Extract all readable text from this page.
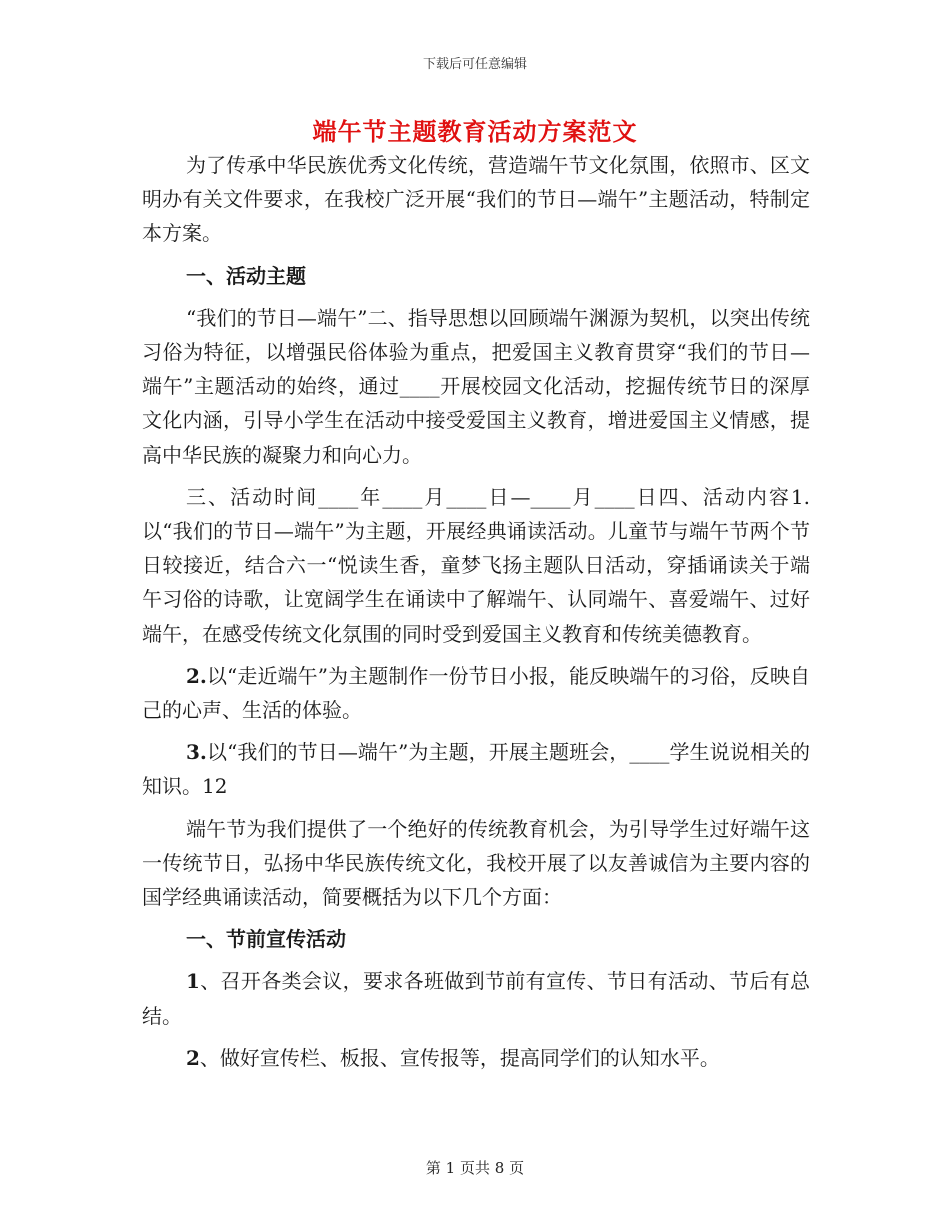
下载后可任意编辑
端午节主题教育活动方案范文

为了传承中华民族优秀文化传统，营造端午节文化氛围，依照市、区文明办有关文件要求，在我校广泛开展“我们的节日—端午”主题活动，特制定本方案。

一、活动主题

“我们的节日—端午”二、指导思想以回顾端午渊源为契机，以突出传统习俗为特征，以增强民俗体验为重点，把爱国主义教育贯穿“我们的节日—端午”主题活动的始终，通过____开展校园文化活动，挖掘传统节日的深厚文化内涵，引导小学生在活动中接受爱国主义教育，增进爱国主义情感，提高中华民族的凝聚力和向心力。

三、活动时间____年____月____日—____月____日四、活动内容1.以“我们的节日—端午”为主题，开展经典诵读活动。儿童节与端午节两个节日较接近，结合六一“悦读生香，童梦飞扬主题队日活动，穿插诵读关于端午习俗的诗歌，让宽阔学生在诵读中了解端午、认同端午、喜爱端午、过好端午，在感受传统文化氛围的同时受到爱国主义教育和传统美德教育。

2.以“走近端午”为主题制作一份节日小报，能反映端午的习俗，反映自己的心声、生活的体验。

3.以“我们的节日—端午”为主题，开展主题班会，____学生说说相关的知识。12

端午节为我们提供了一个绝好的传统教育机会，为引导学生过好端午这一传统节日，弘扬中华民族传统文化，我校开展了以友善诚信为主要内容的国学经典诵读活动，简要概括为以下几个方面：

一、节前宣传活动

1、召开各类会议，要求各班做到节前有宣传、节日有活动、节后有总结。

2、做好宣传栏、板报、宣传报等，提高同学们的认知水平。

第 1 页共 8 页
